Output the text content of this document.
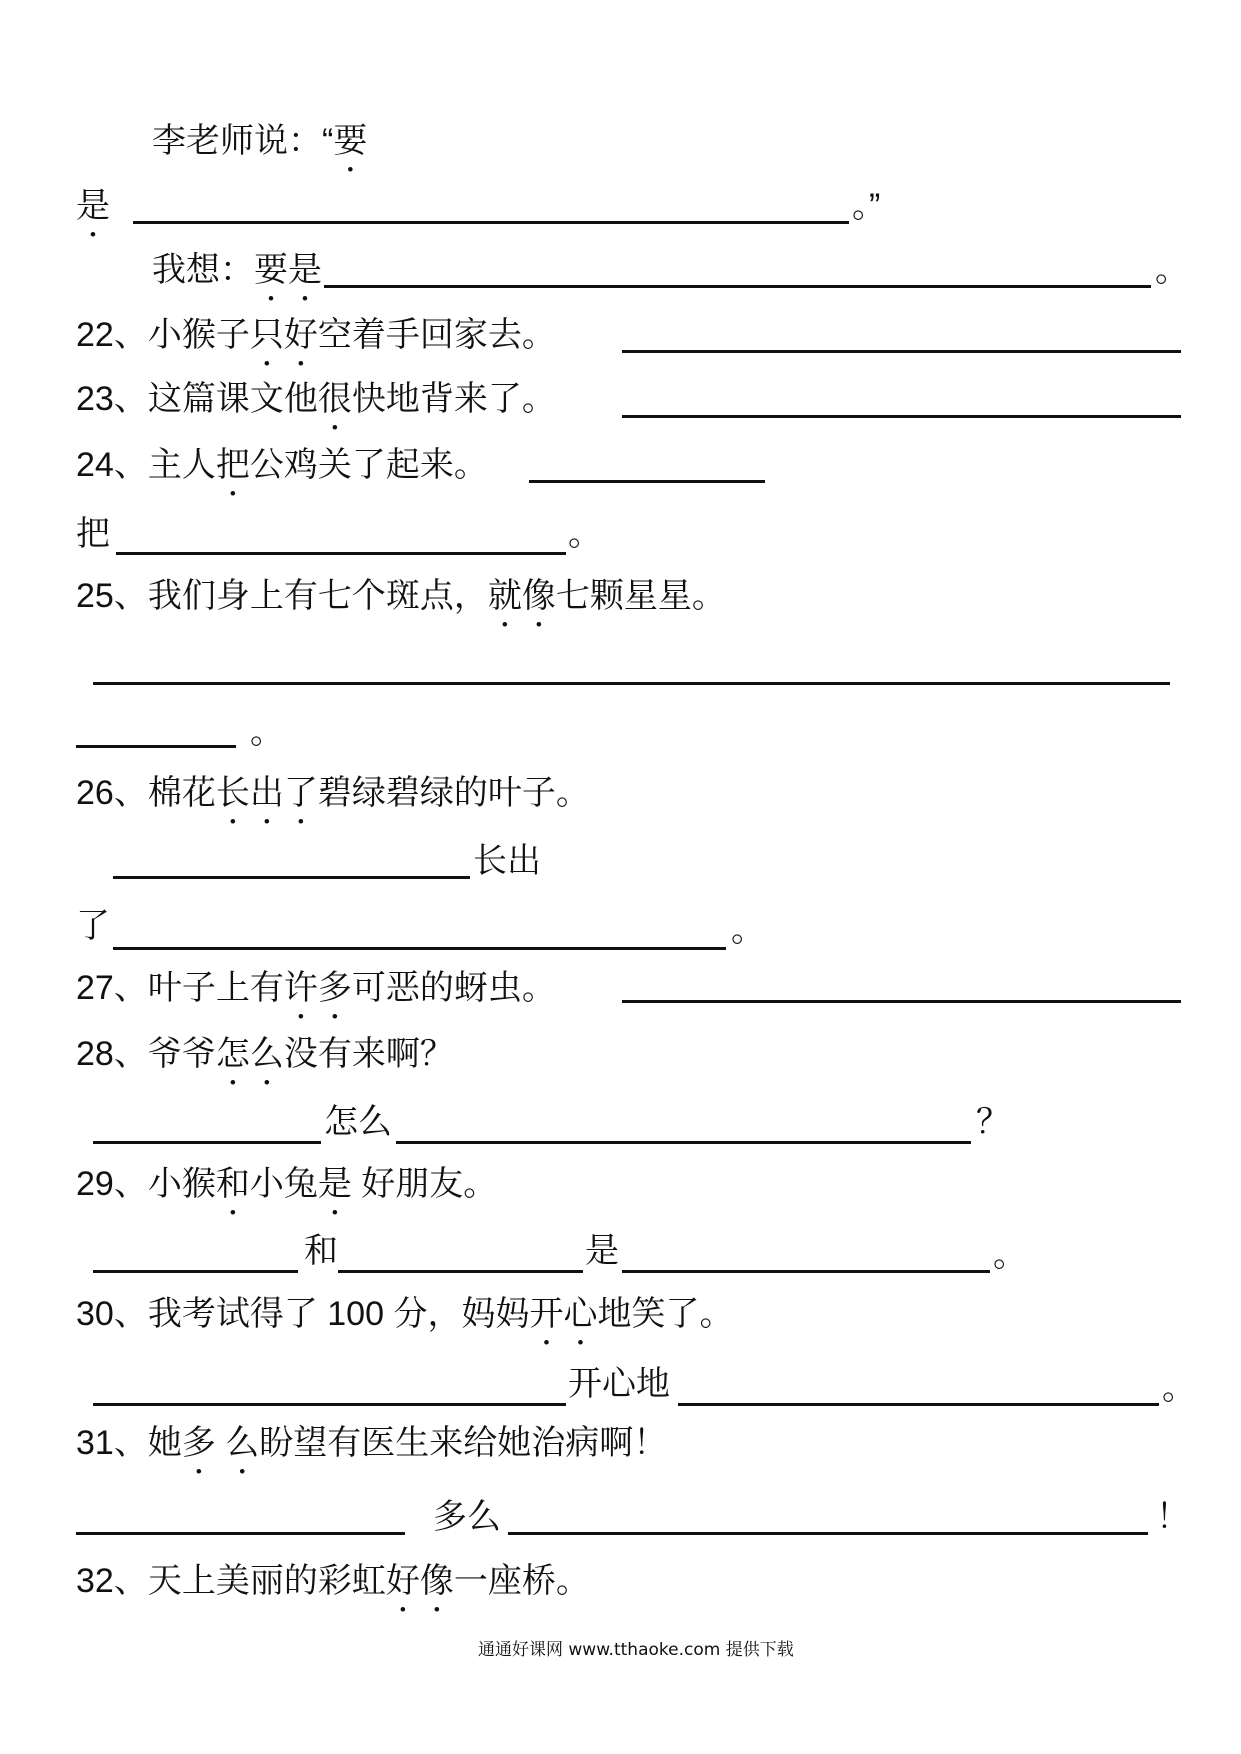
李老师说：“要
是	。”
我想：要是	。
22、小猴子只好空着手回家去。
23、这篇课文他很快地背来了。
24、主人把公鸡关了起来。
把	。
25、我们身上有七个斑点，就像七颗星星。
。
26、棉花长出了碧绿碧绿的叶子。
长出
了	。
27、叶子上有许多可恶的蚜虫。
28、爷爷怎么没有来啊？
怎么	？
29、小猴和小兔是 好朋友。
和	是	。
30、我考试得了 100 分，妈妈开心地笑了。
开心地	。
31、她多 么盼望有医生来给她治病啊！
多么	！
32、天上美丽的彩虹好像一座桥。
通通好课网 www.tthaoke.com 提供下载
